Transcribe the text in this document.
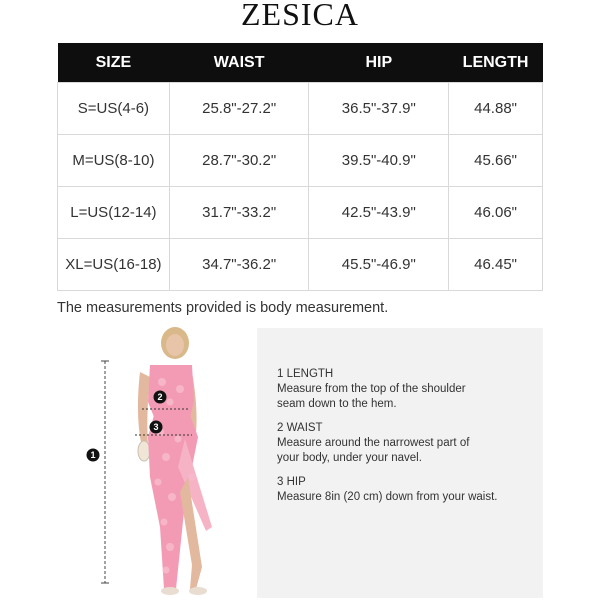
ZESICA
SIZE	WAIST	HIP	LENGTH
S=US(4-6)	25.8"-27.2"	36.5"-37.9"	44.88"
M=US(8-10)	28.7"-30.2"	39.5"-40.9"	45.66"
L=US(12-14)	31.7"-33.2"	42.5"-43.9"	46.06"
XL=US(16-18)	34.7"-36.2"	45.5"-46.9"	46.45"
The measurements provided is body measurement.
1
2
3
1 LENGTH
Measure from the top of the shoulder
seam down to the hem.
2 WAIST
Measure around the narrowest part of
your body, under your navel.
3 HIP
Measure 8in (20 cm) down from your waist.
